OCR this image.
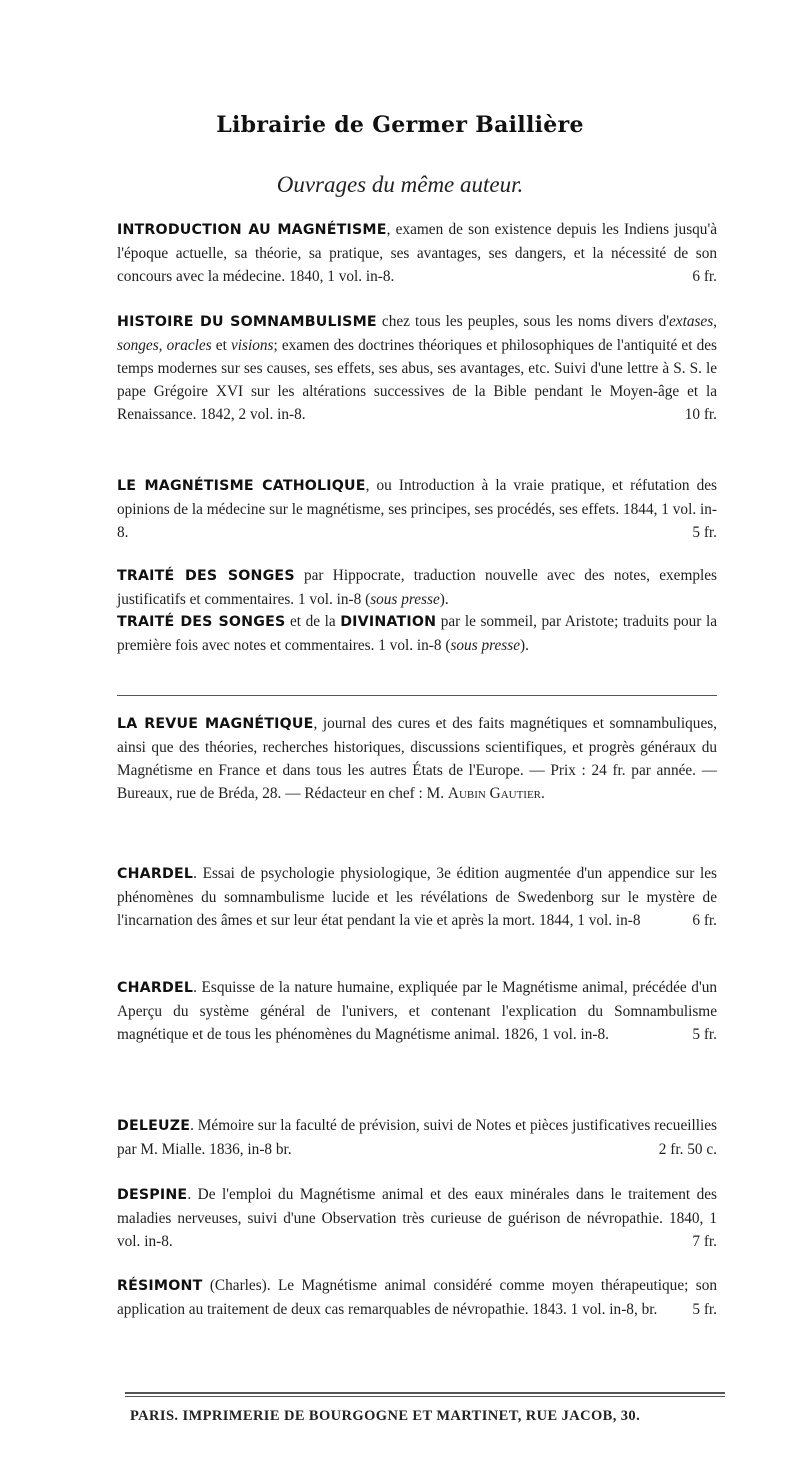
Librairie de Germer Baillière
Ouvrages du même auteur.
INTRODUCTION AU MAGNÉTISME, examen de son existence depuis les Indiens jusqu'à l'époque actuelle, sa théorie, sa pratique, ses avantages, ses dangers, et la nécessité de son concours avec la médecine. 1840, 1 vol. in-8.	6 fr.
HISTOIRE DU SOMNAMBULISME chez tous les peuples, sous les noms divers d'extases, songes, oracles et visions; examen des doctrines théoriques et philosophiques de l'antiquité et des temps modernes sur ses causes, ses effets, ses abus, ses avantages, etc. Suivi d'une lettre à S. S. le pape Grégoire XVI sur les altérations successives de la Bible pendant le Moyen-âge et la Renaissance. 1842, 2 vol. in-8.	10 fr.
LE MAGNÉTISME CATHOLIQUE, ou Introduction à la vraie pratique, et réfutation des opinions de la médecine sur le magnétisme, ses principes, ses procédés, ses effets. 1844, 1 vol. in-8.	5 fr.
TRAITÉ DES SONGES par Hippocrate, traduction nouvelle avec des notes, exemples justificatifs et commentaires. 1 vol. in-8 (sous presse).
TRAITÉ DES SONGES et de la DIVINATION par le sommeil, par Aristote; traduits pour la première fois avec notes et commentaires. 1 vol. in-8 (sous presse).
LA REVUE MAGNÉTIQUE, journal des cures et des faits magnétiques et somnambuliques, ainsi que des théories, recherches historiques, discussions scientifiques, et progrès généraux du Magnétisme en France et dans tous les autres États de l'Europe. — Prix : 24 fr. par année. — Bureaux, rue de Bréda, 28. — Rédacteur en chef : M. Aubin Gautier.
CHARDEL. Essai de psychologie physiologique, 3e édition augmentée d'un appendice sur les phénomènes du somnambulisme lucide et les révélations de Swedenborg sur le mystère de l'incarnation des âmes et sur leur état pendant la vie et après la mort. 1844, 1 vol. in-8	6 fr.
CHARDEL. Esquisse de la nature humaine, expliquée par le Magnétisme animal, précédée d'un Aperçu du système général de l'univers, et contenant l'explication du Somnambulisme magnétique et de tous les phénomènes du Magnétisme animal. 1826, 1 vol. in-8.	5 fr.
DELEUZE. Mémoire sur la faculté de prévision, suivi de Notes et pièces justificatives recueillies par M. Mialle. 1836, in-8 br.	2 fr. 50 c.
DESPINE. De l'emploi du Magnétisme animal et des eaux minérales dans le traitement des maladies nerveuses, suivi d'une Observation très curieuse de guérison de névropathie. 1840, 1 vol. in-8.	7 fr.
RÉSIMONT (Charles). Le Magnétisme animal considéré comme moyen thérapeutique; son application au traitement de deux cas remarquables de névropathie. 1843. 1 vol. in-8, br. 5 fr.
PARIS. IMPRIMERIE DE BOURGOGNE ET MARTINET, RUE JACOB, 30.
